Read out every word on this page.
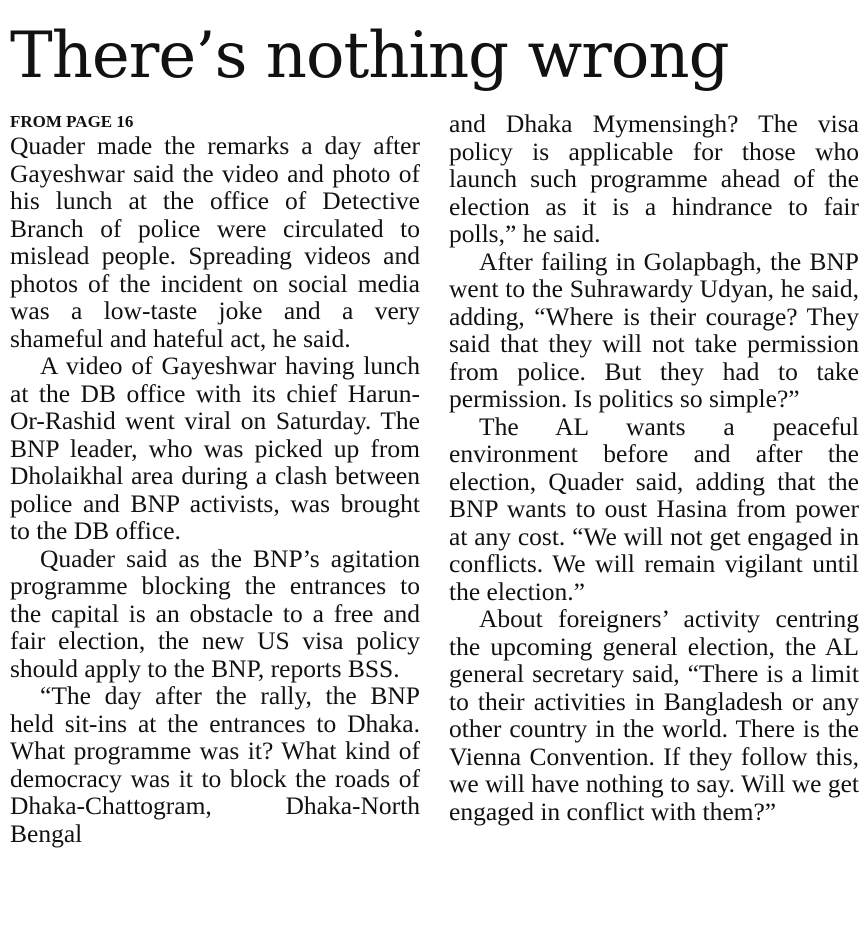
There’s nothing wrong
FROM PAGE 16

Quader made the remarks a day after Gayeshwar said the video and photo of his lunch at the office of Detective Branch of police were circulated to mislead people. Spreading videos and photos of the incident on social media was a low-taste joke and a very shameful and hateful act, he said.

A video of Gayeshwar having lunch at the DB office with its chief Harun-Or-Rashid went viral on Saturday. The BNP leader, who was picked up from Dholaikhal area during a clash between police and BNP activists, was brought to the DB office.

Quader said as the BNP’s agitation programme blocking the entrances to the capital is an obstacle to a free and fair election, the new US visa policy should apply to the BNP, reports BSS.

“The day after the rally, the BNP held sit-ins at the entrances to Dhaka. What programme was it? What kind of democracy was it to block the roads of Dhaka-Chattogram, Dhaka-North Bengal

and Dhaka Mymensingh? The visa policy is applicable for those who launch such programme ahead of the election as it is a hindrance to fair polls,” he said.

After failing in Golapbagh, the BNP went to the Suhrawardy Udyan, he said, adding, “Where is their courage? They said that they will not take permission from police. But they had to take permission. Is politics so simple?”

The AL wants a peaceful environment before and after the election, Quader said, adding that the BNP wants to oust Hasina from power at any cost. “We will not get engaged in conflicts. We will remain vigilant until the election.”

About foreigners’ activity centring the upcoming general election, the AL general secretary said, “There is a limit to their activities in Bangladesh or any other country in the world. There is the Vienna Convention. If they follow this, we will have nothing to say. Will we get engaged in conflict with them?”
